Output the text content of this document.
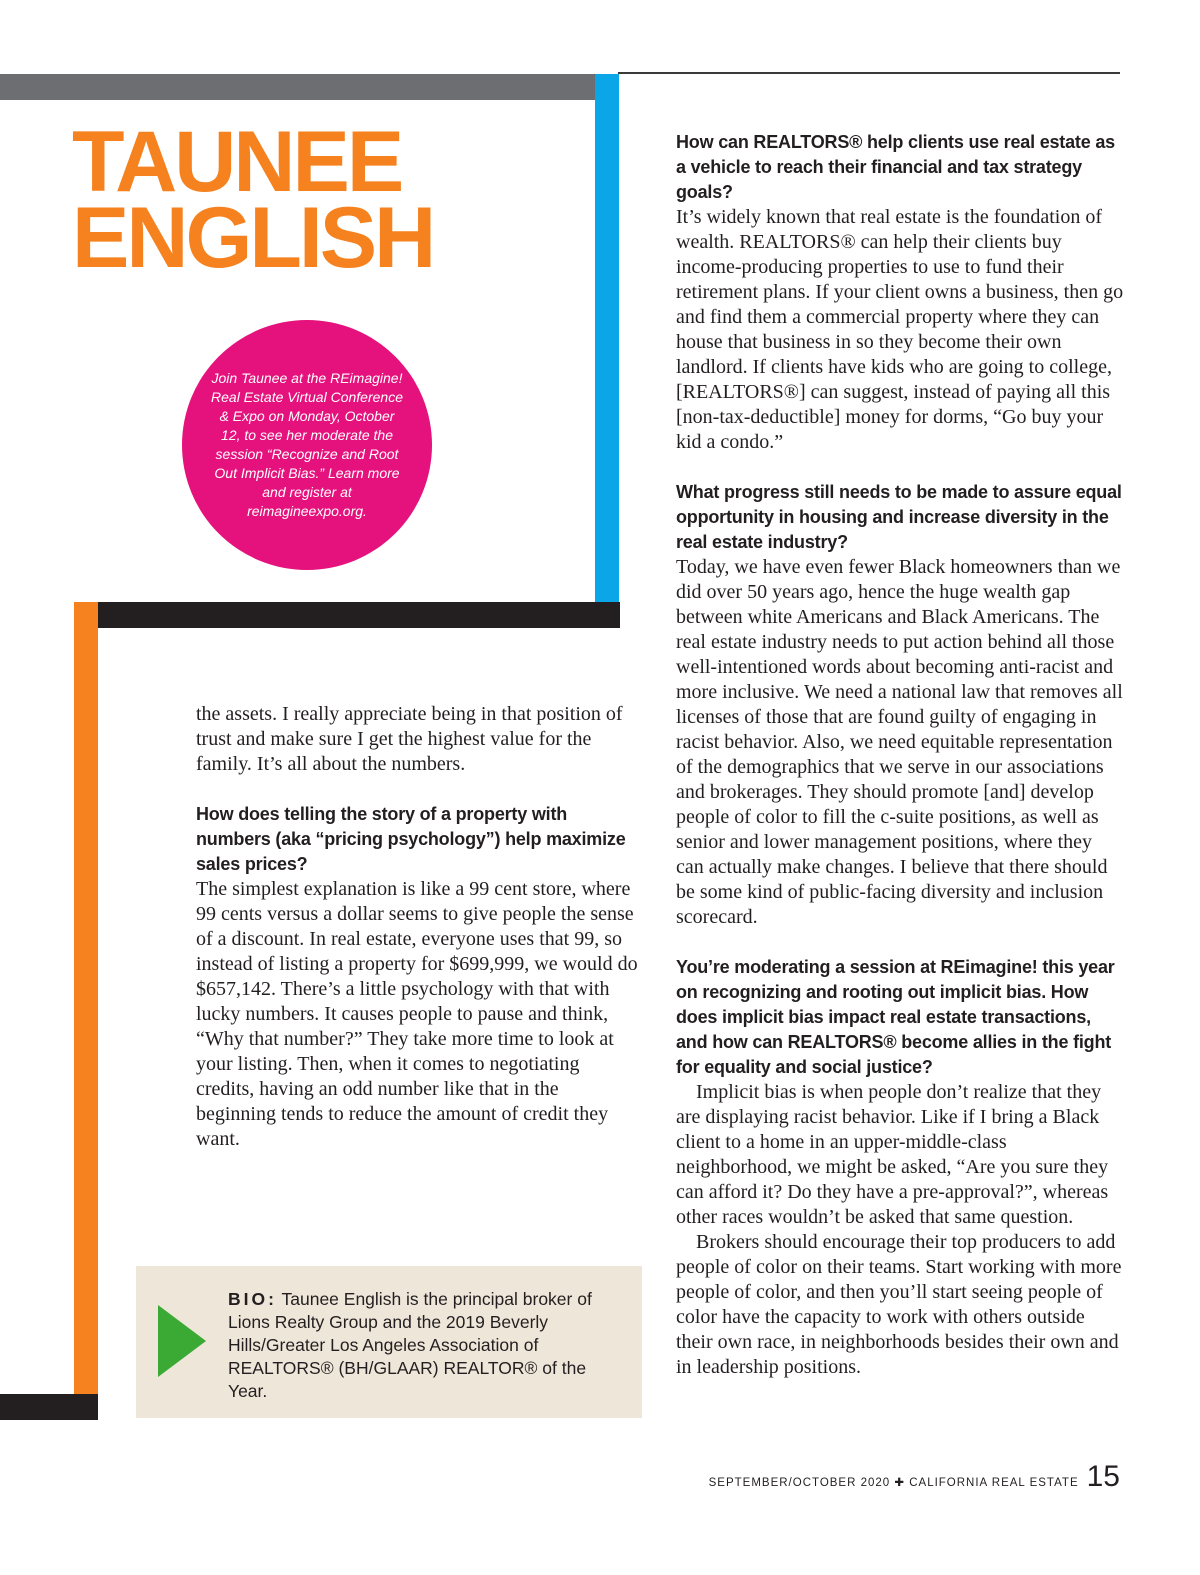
TAUNEE
ENGLISH

Join Taunee at the REimagine! Real Estate Virtual Conference & Expo on Monday, October 12, to see her moderate the session “Recognize and Root Out Implicit Bias.” Learn more and register at reimagineexpo.org.

the assets. I really appreciate being in that position of trust and make sure I get the highest value for the family. It’s all about the numbers.

How does telling the story of a property with numbers (aka “pricing psychology”) help maximize sales prices?

The simplest explanation is like a 99 cent store, where 99 cents versus a dollar seems to give people the sense of a discount. In real estate, everyone uses that 99, so instead of listing a property for $699,999, we would do $657,142. There’s a little psychology with that with lucky numbers. It causes people to pause and think, “Why that number?” They take more time to look at your listing. Then, when it comes to negotiating credits, having an odd number like that in the beginning tends to reduce the amount of credit they want.

How can REALTORS® help clients use real estate as a vehicle to reach their financial and tax strategy goals?

It’s widely known that real estate is the foundation of wealth. REALTORS® can help their clients buy income-producing properties to use to fund their retirement plans. If your client owns a business, then go and find them a commercial property where they can house that business in so they become their own landlord. If clients have kids who are going to college, [REALTORS®] can suggest, instead of paying all this [non-tax-deductible] money for dorms, “Go buy your kid a condo.”

What progress still needs to be made to assure equal opportunity in housing and increase diversity in the real estate industry?

Today, we have even fewer Black homeowners than we did over 50 years ago, hence the huge wealth gap between white Americans and Black Americans. The real estate industry needs to put action behind all those well-intentioned words about becoming anti-racist and more inclusive. We need a national law that removes all licenses of those that are found guilty of engaging in racist behavior. Also, we need equitable representation of the demographics that we serve in our associations and brokerages. They should promote [and] develop people of color to fill the c-suite positions, as well as senior and lower management positions, where they can actually make changes. I believe that there should be some kind of public-facing diversity and inclusion scorecard.

You’re moderating a session at REimagine! this year on recognizing and rooting out implicit bias. How does implicit bias impact real estate transactions, and how can REALTORS® become allies in the fight for equality and social justice?

Implicit bias is when people don’t realize that they are displaying racist behavior. Like if I bring a Black client to a home in an upper-middle-class neighborhood, we might be asked, “Are you sure they can afford it? Do they have a pre-approval?”, whereas other races wouldn’t be asked that same question.

Brokers should encourage their top producers to add people of color on their teams. Start working with more people of color, and then you’ll start seeing people of color have the capacity to work with others outside their own race, in neighborhoods besides their own and in leadership positions.

BIO: Taunee English is the principal broker of Lions Realty Group and the 2019 Beverly Hills/Greater Los Angeles Association of REALTORS® (BH/GLAAR) REALTOR® of the Year.

SEPTEMBER/OCTOBER 2020 ✚ CALIFORNIA REAL ESTATE 15
